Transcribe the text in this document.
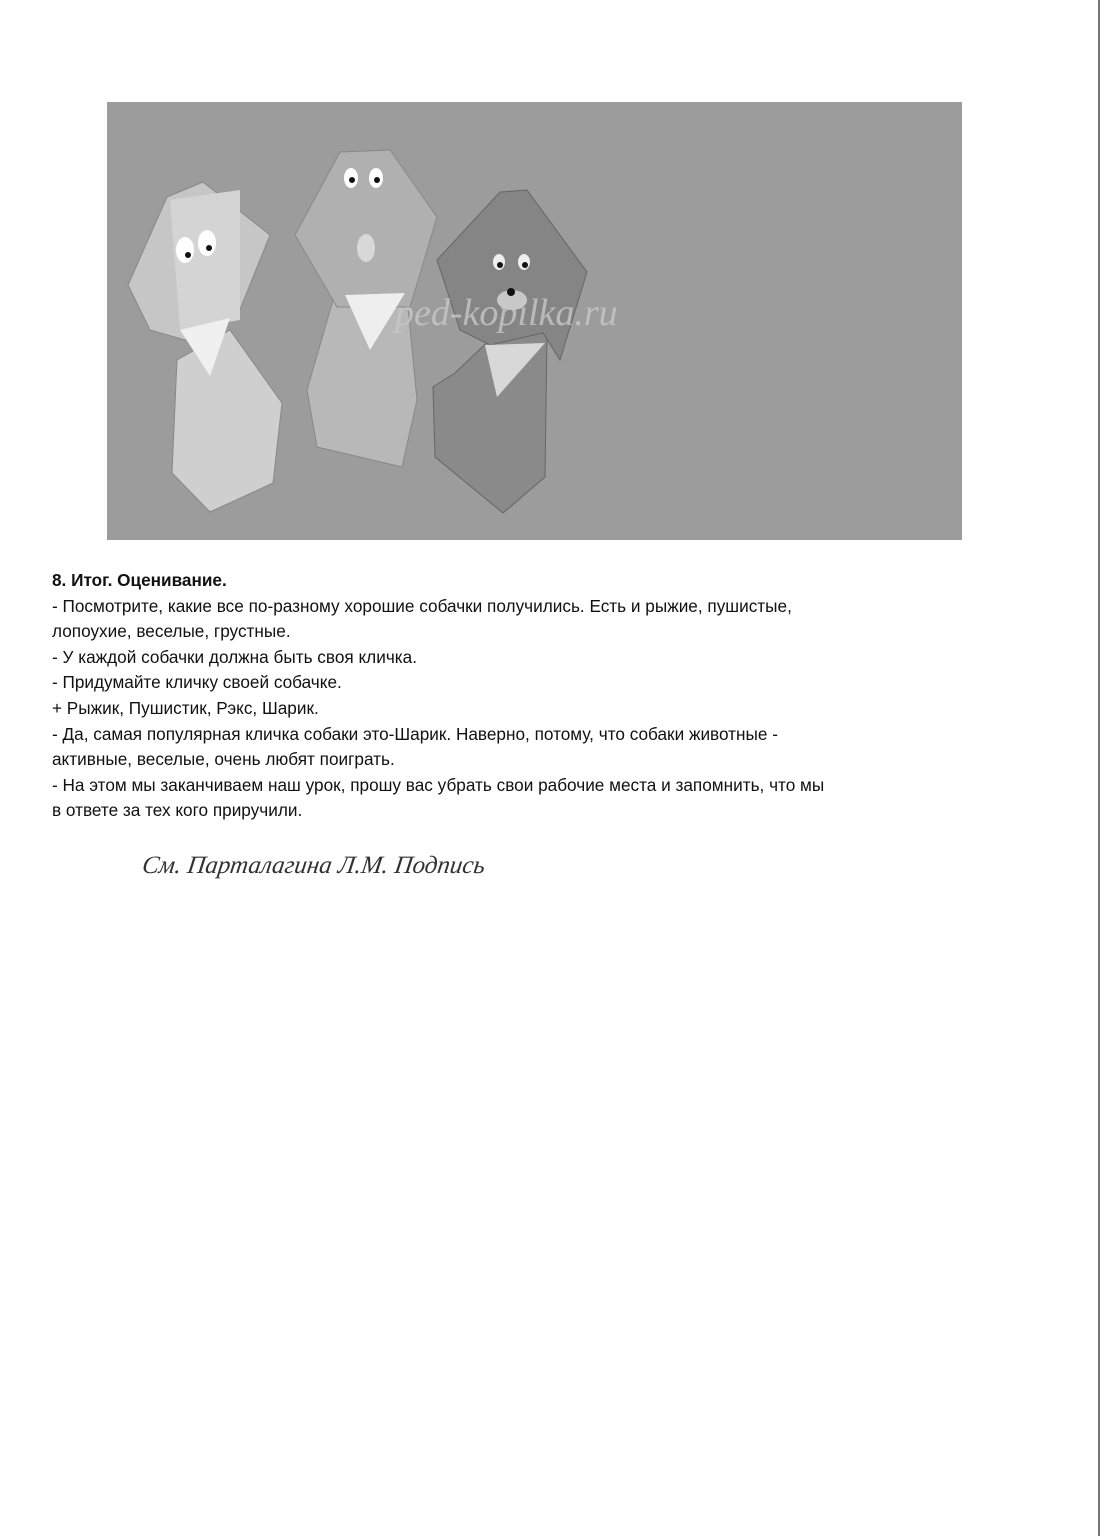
ped-kopilka.ru
8. Итог. Оценивание.
- Посмотрите, какие все по-разному хорошие собачки получились. Есть и рыжие, пушистые,
лопоухие, веселые, грустные.
- У каждой собачки должна быть своя кличка.
- Придумайте кличку своей собачке.
+ Рыжик, Пушистик, Рэкс, Шарик.
- Да, самая популярная кличка собаки это-Шарик. Наверно, потому, что собаки животные -
активные, веселые, очень любят поиграть.
- На этом мы заканчиваем наш урок, прошу вас убрать свои рабочие места и запомнить, что мы
в ответе за тех кого приручили.
См. Парталагина Л.М. Подпись
